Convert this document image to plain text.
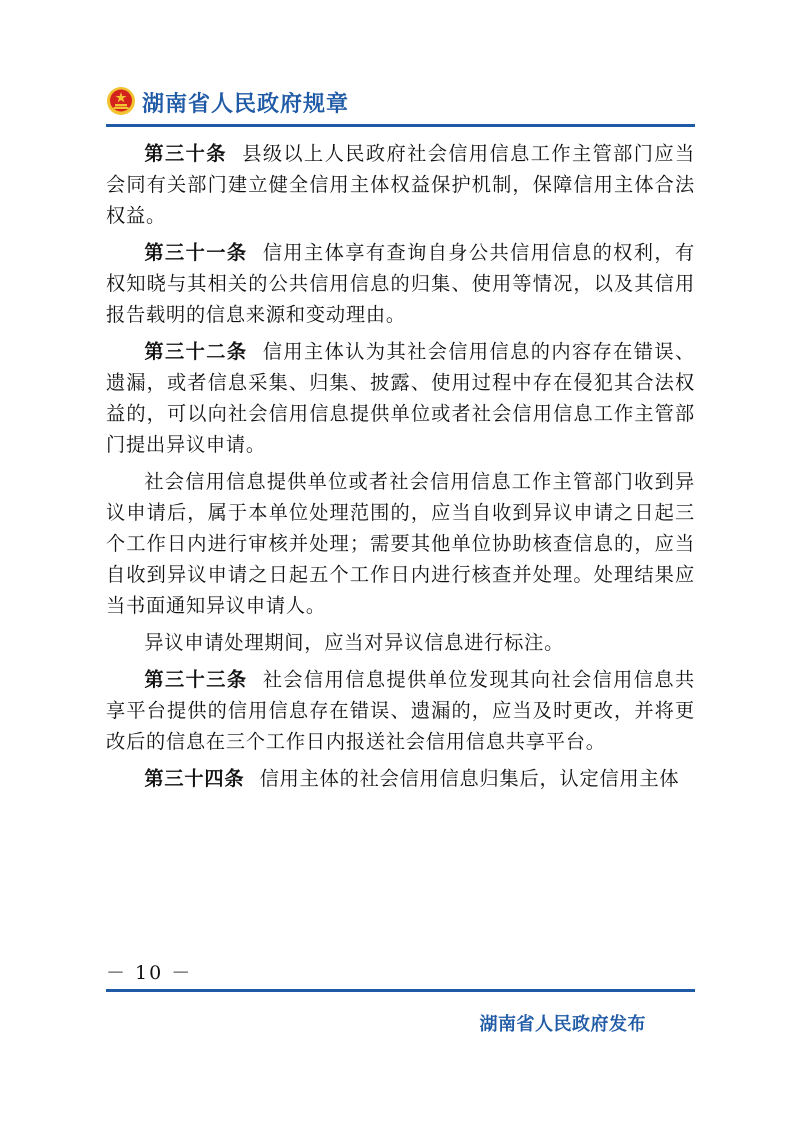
湖南省人民政府规章

第三十条 县级以上人民政府社会信用信息工作主管部门应当会同有关部门建立健全信用主体权益保护机制，保障信用主体合法权益。

第三十一条 信用主体享有查询自身公共信用信息的权利，有权知晓与其相关的公共信用信息的归集、使用等情况，以及其信用报告载明的信息来源和变动理由。

第三十二条 信用主体认为其社会信用信息的内容存在错误、遗漏，或者信息采集、归集、披露、使用过程中存在侵犯其合法权益的，可以向社会信用信息提供单位或者社会信用信息工作主管部门提出异议申请。

社会信用信息提供单位或者社会信用信息工作主管部门收到异议申请后，属于本单位处理范围的，应当自收到异议申请之日起三个工作日内进行审核并处理；需要其他单位协助核查信息的，应当自收到异议申请之日起五个工作日内进行核查并处理。处理结果应当书面通知异议申请人。

异议申请处理期间，应当对异议信息进行标注。

第三十三条 社会信用信息提供单位发现其向社会信用信息共享平台提供的信用信息存在错误、遗漏的，应当及时更改，并将更改后的信息在三个工作日内报送社会信用信息共享平台。

第三十四条 信用主体的社会信用信息归集后，认定信用主体

－ 10 －
湖南省人民政府发布
